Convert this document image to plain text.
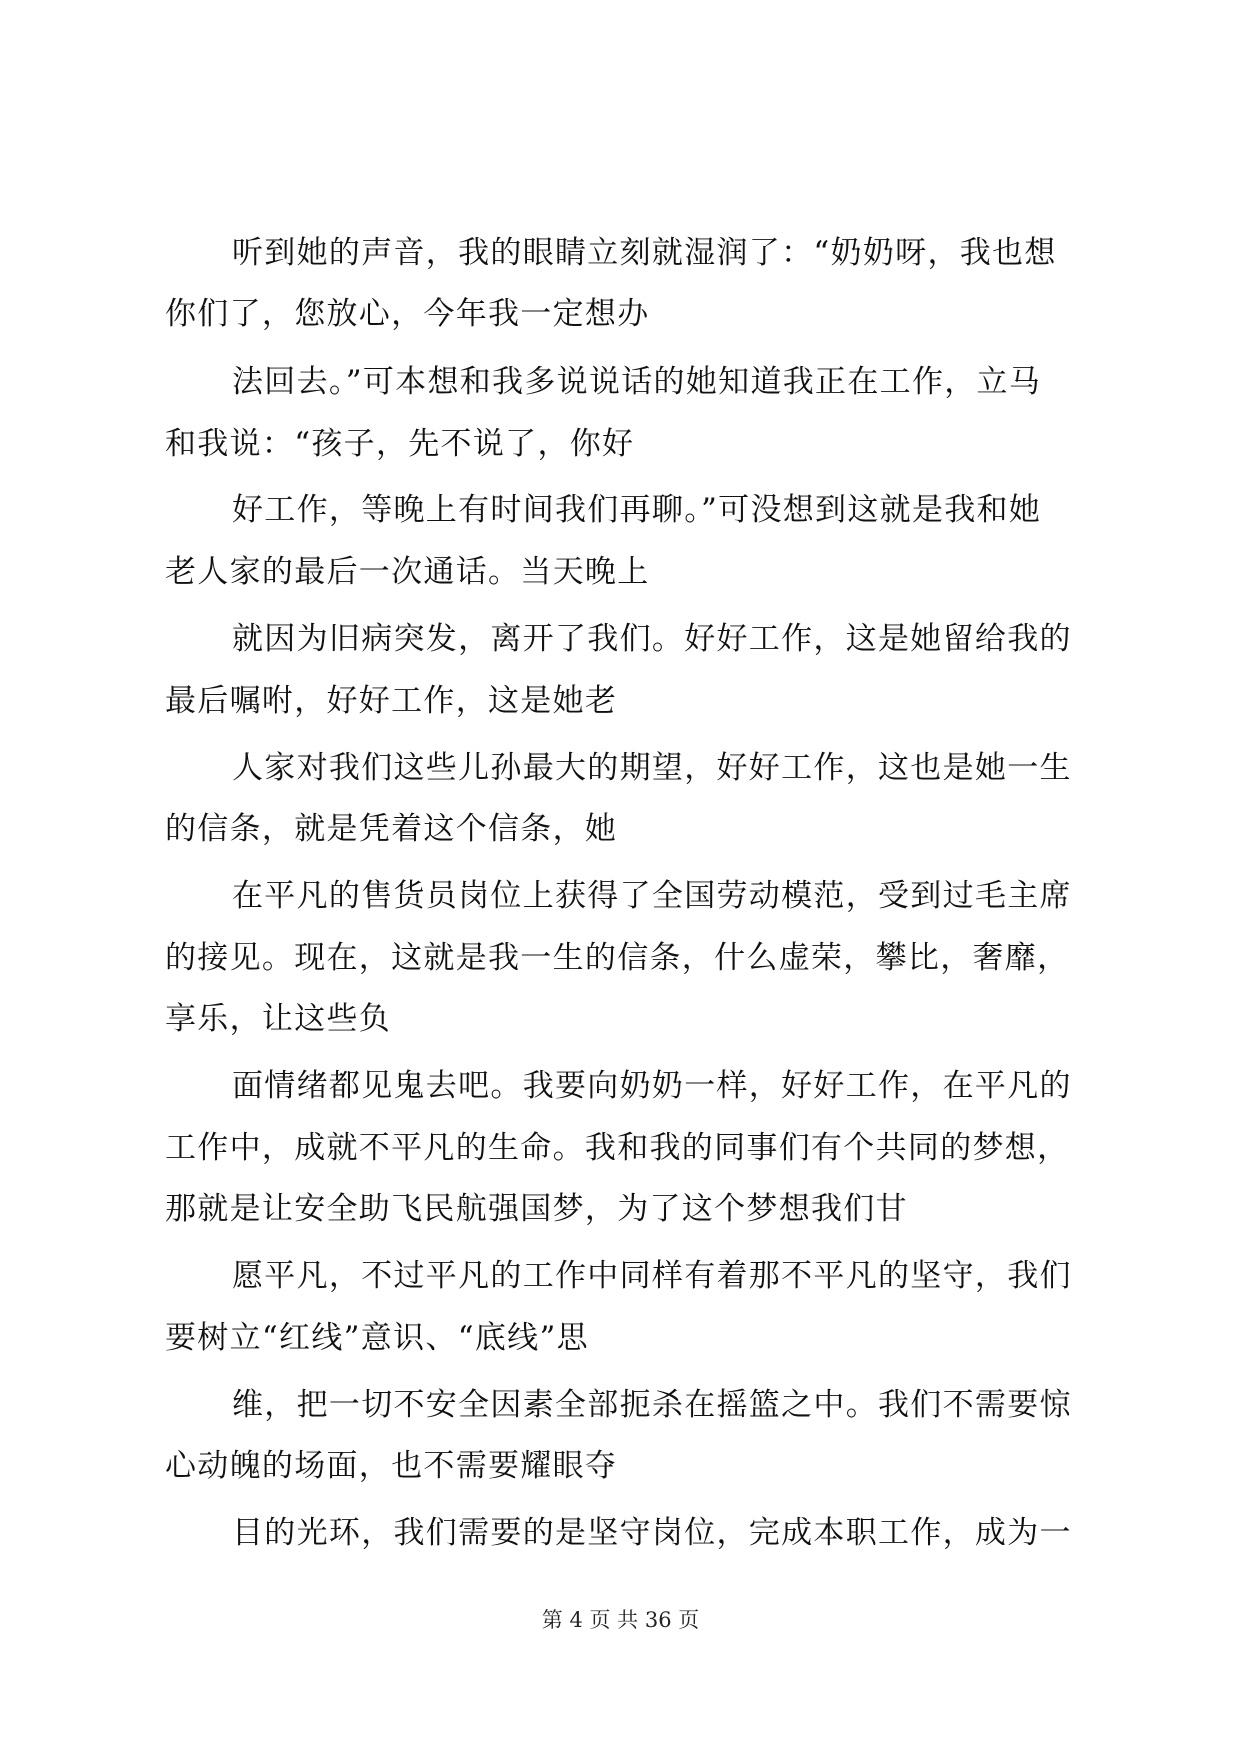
听到她的声音，我的眼睛立刻就湿润了：“奶奶呀，我也想
你们了，您放心，今年我一定想办
法回去。”可本想和我多说说话的她知道我正在工作，立马
和我说：“孩子，先不说了，你好
好工作，等晚上有时间我们再聊。”可没想到这就是我和她
老人家的最后一次通话。当天晚上
就因为旧病突发，离开了我们。好好工作，这是她留给我的
最后嘱咐，好好工作，这是她老
人家对我们这些儿孙最大的期望，好好工作，这也是她一生
的信条，就是凭着这个信条，她
在平凡的售货员岗位上获得了全国劳动模范，受到过毛主席
的接见。现在，这就是我一生的信条，什么虚荣，攀比，奢靡，
享乐，让这些负
面情绪都见鬼去吧。我要向奶奶一样，好好工作，在平凡的
工作中，成就不平凡的生命。我和我的同事们有个共同的梦想，
那就是让安全助飞民航强国梦，为了这个梦想我们甘
愿平凡，不过平凡的工作中同样有着那不平凡的坚守，我们
要树立“红线”意识、“底线”思
维，把一切不安全因素全部扼杀在摇篮之中。我们不需要惊
心动魄的场面，也不需要耀眼夺
目的光环，我们需要的是坚守岗位，完成本职工作，成为一
第 4 页 共 36 页
